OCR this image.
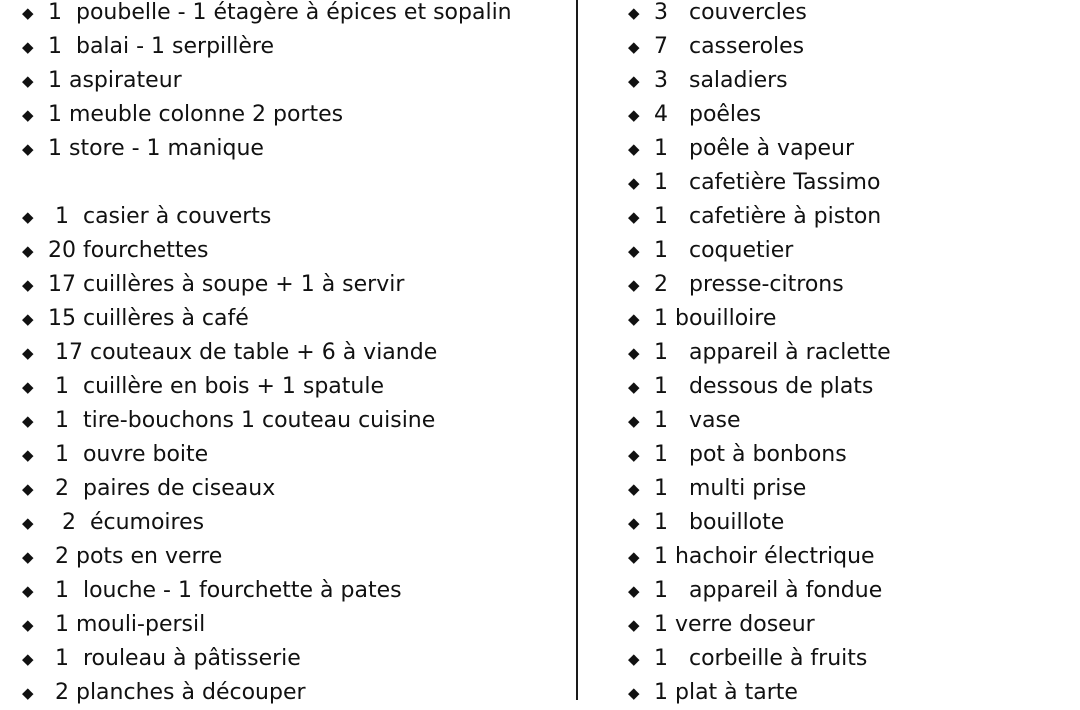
◆ 1  poubelle - 1 étagère à épices et sopalin
◆ 1  balai - 1 serpillère
◆ 1 aspirateur
◆ 1 meuble colonne 2 portes
◆ 1 store - 1 manique
◆ 1  casier à couverts
◆ 20 fourchettes
◆ 17 cuillères à soupe + 1 à servir
◆ 15 cuillères à café
◆ 17 couteaux de table + 6 à viande
◆ 1  cuillère en bois + 1 spatule
◆ 1  tire-bouchons 1 couteau cuisine
◆ 1  ouvre boite
◆ 2  paires de ciseaux
◆ 2  écumoires
◆ 2 pots en verre
◆ 1  louche - 1 fourchette à pates
◆ 1 mouli-persil
◆ 1  rouleau à pâtisserie
◆ 2 planches à découper
◆ 3   couvercles
◆ 7   casseroles
◆ 3   saladiers
◆ 4   poêles
◆ 1   poêle à vapeur
◆ 1   cafetière Tassimo
◆ 1   cafetière à piston
◆ 1   coquetier
◆ 2   presse-citrons
◆ 1 bouilloire
◆ 1   appareil à raclette
◆ 1   dessous de plats
◆ 1   vase
◆ 1   pot à bonbons
◆ 1   multi prise
◆ 1   bouillote
◆ 1 hachoir électrique
◆ 1   appareil à fondue
◆ 1 verre doseur
◆ 1   corbeille à fruits
◆ 1 plat à tarte
